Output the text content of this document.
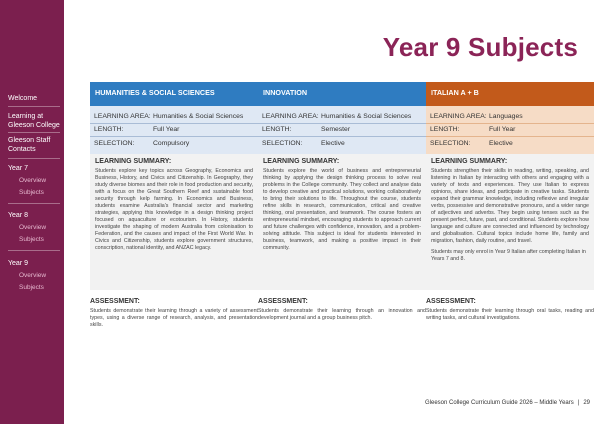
Welcome
Learning at Gleeson College
Gleeson Staff Contacts
Year 7
Overview
Subjects
Year 8
Overview
Subjects
Year 9
Overview
Subjects
Year 9 Subjects
HUMANITIES & SOCIAL SCIENCES
LEARNING AREA: Humanities & Social Sciences
LENGTH:	Full Year
SELECTION:	Compulsory
LEARNING SUMMARY:
Students explore key topics across Geography, Economics and Business, History, and Civics and Citizenship. In Geography, they study diverse biomes and their role in food production and security, with a focus on the Great Southern Reef and sustainable food security through kelp farming. In Economics and Business, students examine Australia's financial sector and marketing strategies, applying this knowledge in a design thinking project focused on aquaculture or ecotourism. In History, students investigate the shaping of modern Australia from colonisation to Federation, and the causes and impact of the First World War. In Civics and Citizenship, students explore government structures, conscription, national identity, and ANZAC legacy.
INNOVATION
LEARNING AREA: Humanities & Social Sciences
LENGTH:	Semester
SELECTION:	Elective
LEARNING SUMMARY:
Students explore the world of business and entrepreneurial thinking by applying the design thinking process to solve real problems in the College community. They collect and analyse data to develop creative and practical solutions, working collaboratively to bring their solutions to life. Throughout the course, students refine skills in research, communication, critical and creative thinking, oral presentation, and teamwork. The course fosters an entrepreneurial mindset, encouraging students to approach current and future challenges with confidence, innovation, and a problem-solving attitude. This subject is ideal for students interested in business, teamwork, and making a positive impact in their community.
ITALIAN A + B
LEARNING AREA: Languages
LENGTH:	Full Year
SELECTION:	Elective
LEARNING SUMMARY:
Students strengthen their skills in reading, writing, speaking, and listening in Italian by interacting with others and engaging with a variety of texts and experiences. They use Italian to express opinions, share ideas, and participate in creative tasks. Students expand their grammar knowledge, including reflexive and irregular verbs, possessive and demonstrative pronouns, and a wider range of adjectives and adverbs. They begin using tenses such as the present perfect, future, past, and conditional. Students explore how language and culture are connected and influenced by technology and globalisation. Cultural topics include home life, family and migration, fashion, daily routine, and travel.
Students may only enrol in Year 9 Italian after completing Italian in Years 7 and 8.
ASSESSMENT:
Students demonstrate their learning through a variety of assessment types, using a diverse range of research, analysis, and presentation skills.
ASSESSMENT:
Students demonstrate their learning through an innovation and development journal and a group business pitch.
ASSESSMENT:
Students demonstrate their learning through oral tasks, reading and writing tasks, and cultural investigations.
Gleeson College Curriculum Guide 2026 – Middle Years | 29
